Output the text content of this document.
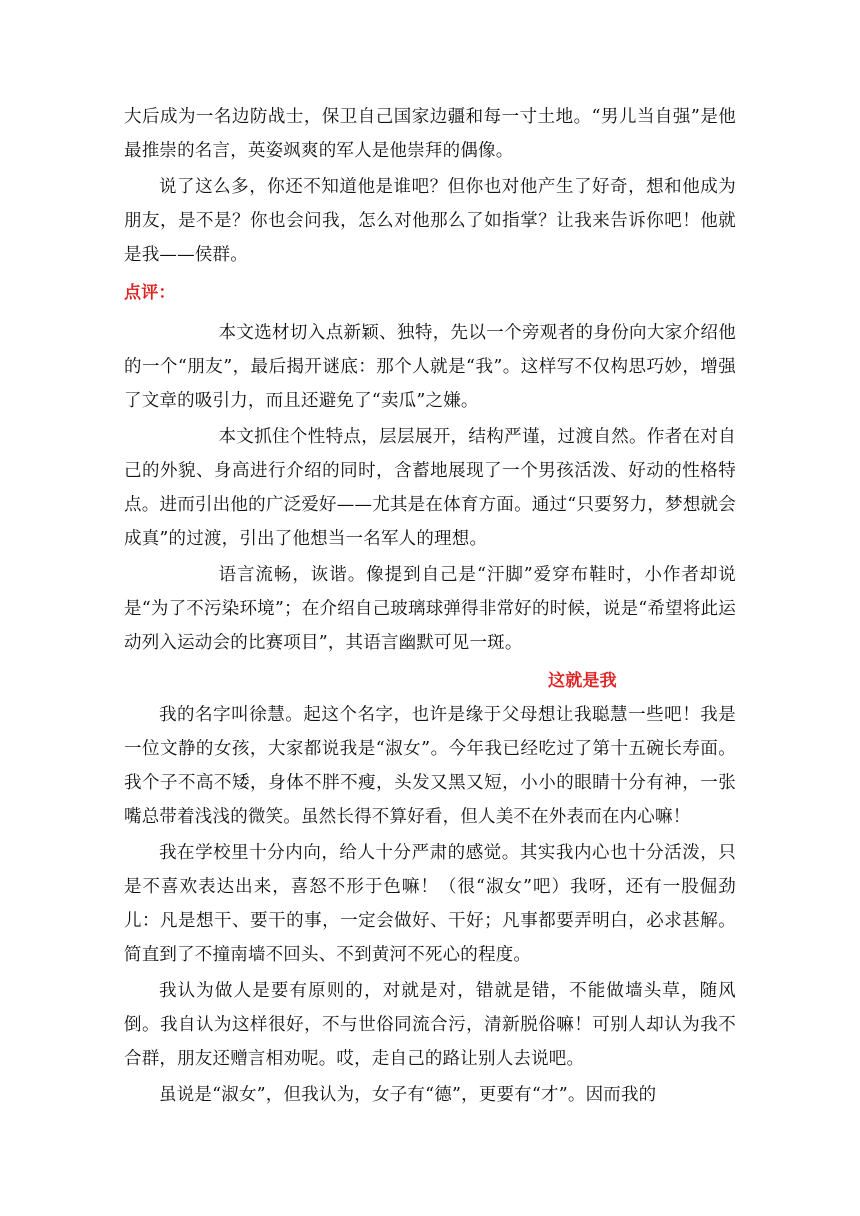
大后成为一名边防战士，保卫自己国家边疆和每一寸土地。“男儿当自强”是他最推崇的名言，英姿飒爽的军人是他崇拜的偶像。

说了这么多，你还不知道他是谁吧？但你也对他产生了好奇，想和他成为朋友，是不是？你也会问我，怎么对他那么了如指掌？让我来告诉你吧！他就是我——侯群。

点评：

本文选材切入点新颖、独特，先以一个旁观者的身份向大家介绍他的一个“朋友”，最后揭开谜底：那个人就是“我”。这样写不仅构思巧妙，增强了文章的吸引力，而且还避免了“卖瓜”之嫌。

本文抓住个性特点，层层展开，结构严谨，过渡自然。作者在对自己的外貌、身高进行介绍的同时，含蓄地展现了一个男孩活泼、好动的性格特点。进而引出他的广泛爱好——尤其是在体育方面。通过“只要努力，梦想就会成真”的过渡，引出了他想当一名军人的理想。

语言流畅，诙谐。像提到自己是“汗脚”爱穿布鞋时，小作者却说是“为了不污染环境”；在介绍自己玻璃球弹得非常好的时候，说是“希望将此运动列入运动会的比赛项目”，其语言幽默可见一斑。

这就是我

我的名字叫徐慧。起这个名字，也许是缘于父母想让我聪慧一些吧！我是一位文静的女孩，大家都说我是“淑女”。今年我已经吃过了第十五碗长寿面。我个子不高不矮，身体不胖不瘦，头发又黑又短，小小的眼睛十分有神，一张嘴总带着浅浅的微笑。虽然长得不算好看，但人美不在外表而在内心嘛！

我在学校里十分内向，给人十分严肃的感觉。其实我内心也十分活泼，只是不喜欢表达出来，喜怒不形于色嘛！（很“淑女”吧）我呀，还有一股倔劲儿：凡是想干、要干的事，一定会做好、干好；凡事都要弄明白，必求甚解。简直到了不撞南墙不回头、不到黄河不死心的程度。

我认为做人是要有原则的，对就是对，错就是错，不能做墙头草，随风倒。我自认为这样很好，不与世俗同流合污，清新脱俗嘛！可别人却认为我不合群，朋友还赠言相劝呢。哎，走自己的路让别人去说吧。

虽说是“淑女”，但我认为，女子有“德”，更要有“才”。因而我的
